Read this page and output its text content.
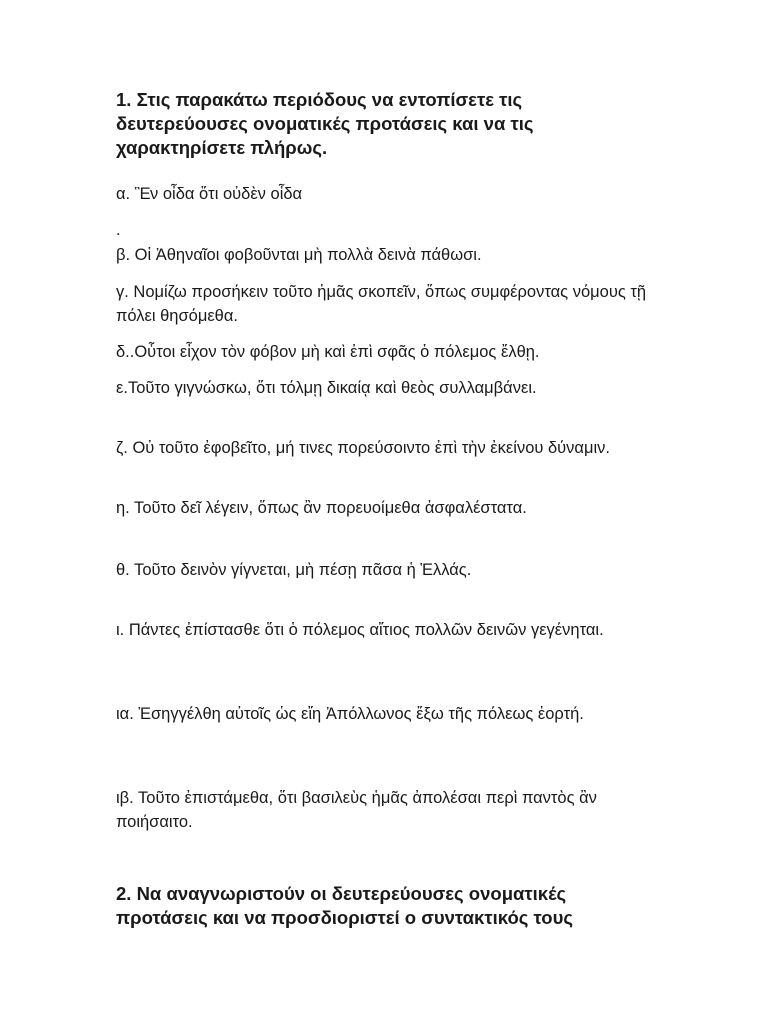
1. Στις παρακάτω περιόδους να εντοπίσετε τις δευτερεύουσες ονοματικές προτάσεις και να τις χαρακτηρίσετε πλήρως.

α. Ἓν οἶδα ὅτι οὐδὲν οἶδα

.

β. Οἱ Ἀθηναῖοι φοβοῦνται μὴ πολλὰ δεινὰ πάθωσι.

γ. Νομίζω προσήκειν τοῦτο ἡμᾶς σκοπεῖν, ὅπως συμφέροντας νόμους τῇ πόλει θησόμεθα.

δ..Οὗτοι εἶχον τὸν φόβον μὴ καὶ ἐπὶ σφᾶς ὁ πόλεμος ἔλθῃ.

ε.Τοῦτο γιγνώσκω, ὅτι τόλμῃ δικαίᾳ καὶ θεὸς συλλαμβάνει.

ζ. Οὐ τοῦτο ἐφοβεῖτο, μή τινες πορεύσοιντο ἐπὶ τὴν ἐκείνου δύναμιν.

η. Τοῦτο δεῖ λέγειν, ὅπως ἂν πορευοίμεθα ἀσφαλέστατα.

θ. Τοῦτο δεινὸν γίγνεται, μὴ πέσῃ πᾶσα ἡ Ἑλλάς.

ι. Πάντες ἐπίστασθε ὅτι ὁ πόλεμος αἴτιος πολλῶν δεινῶν γεγένηται.

ια. Ἐσηγγέλθη αὐτοῖς ὡς εἴη Ἀπόλλωνος ἔξω τῆς πόλεως ἑορτή.

ιβ. Τοῦτο ἐπιστάμεθα, ὅτι βασιλεὺς ἡμᾶς ἀπολέσαι περὶ παντὸς ἂν ποιήσαιτο.

2. Να αναγνωριστούν οι δευτερεύουσες ονοματικές προτάσεις και να προσδιοριστεί ο συντακτικός τους
